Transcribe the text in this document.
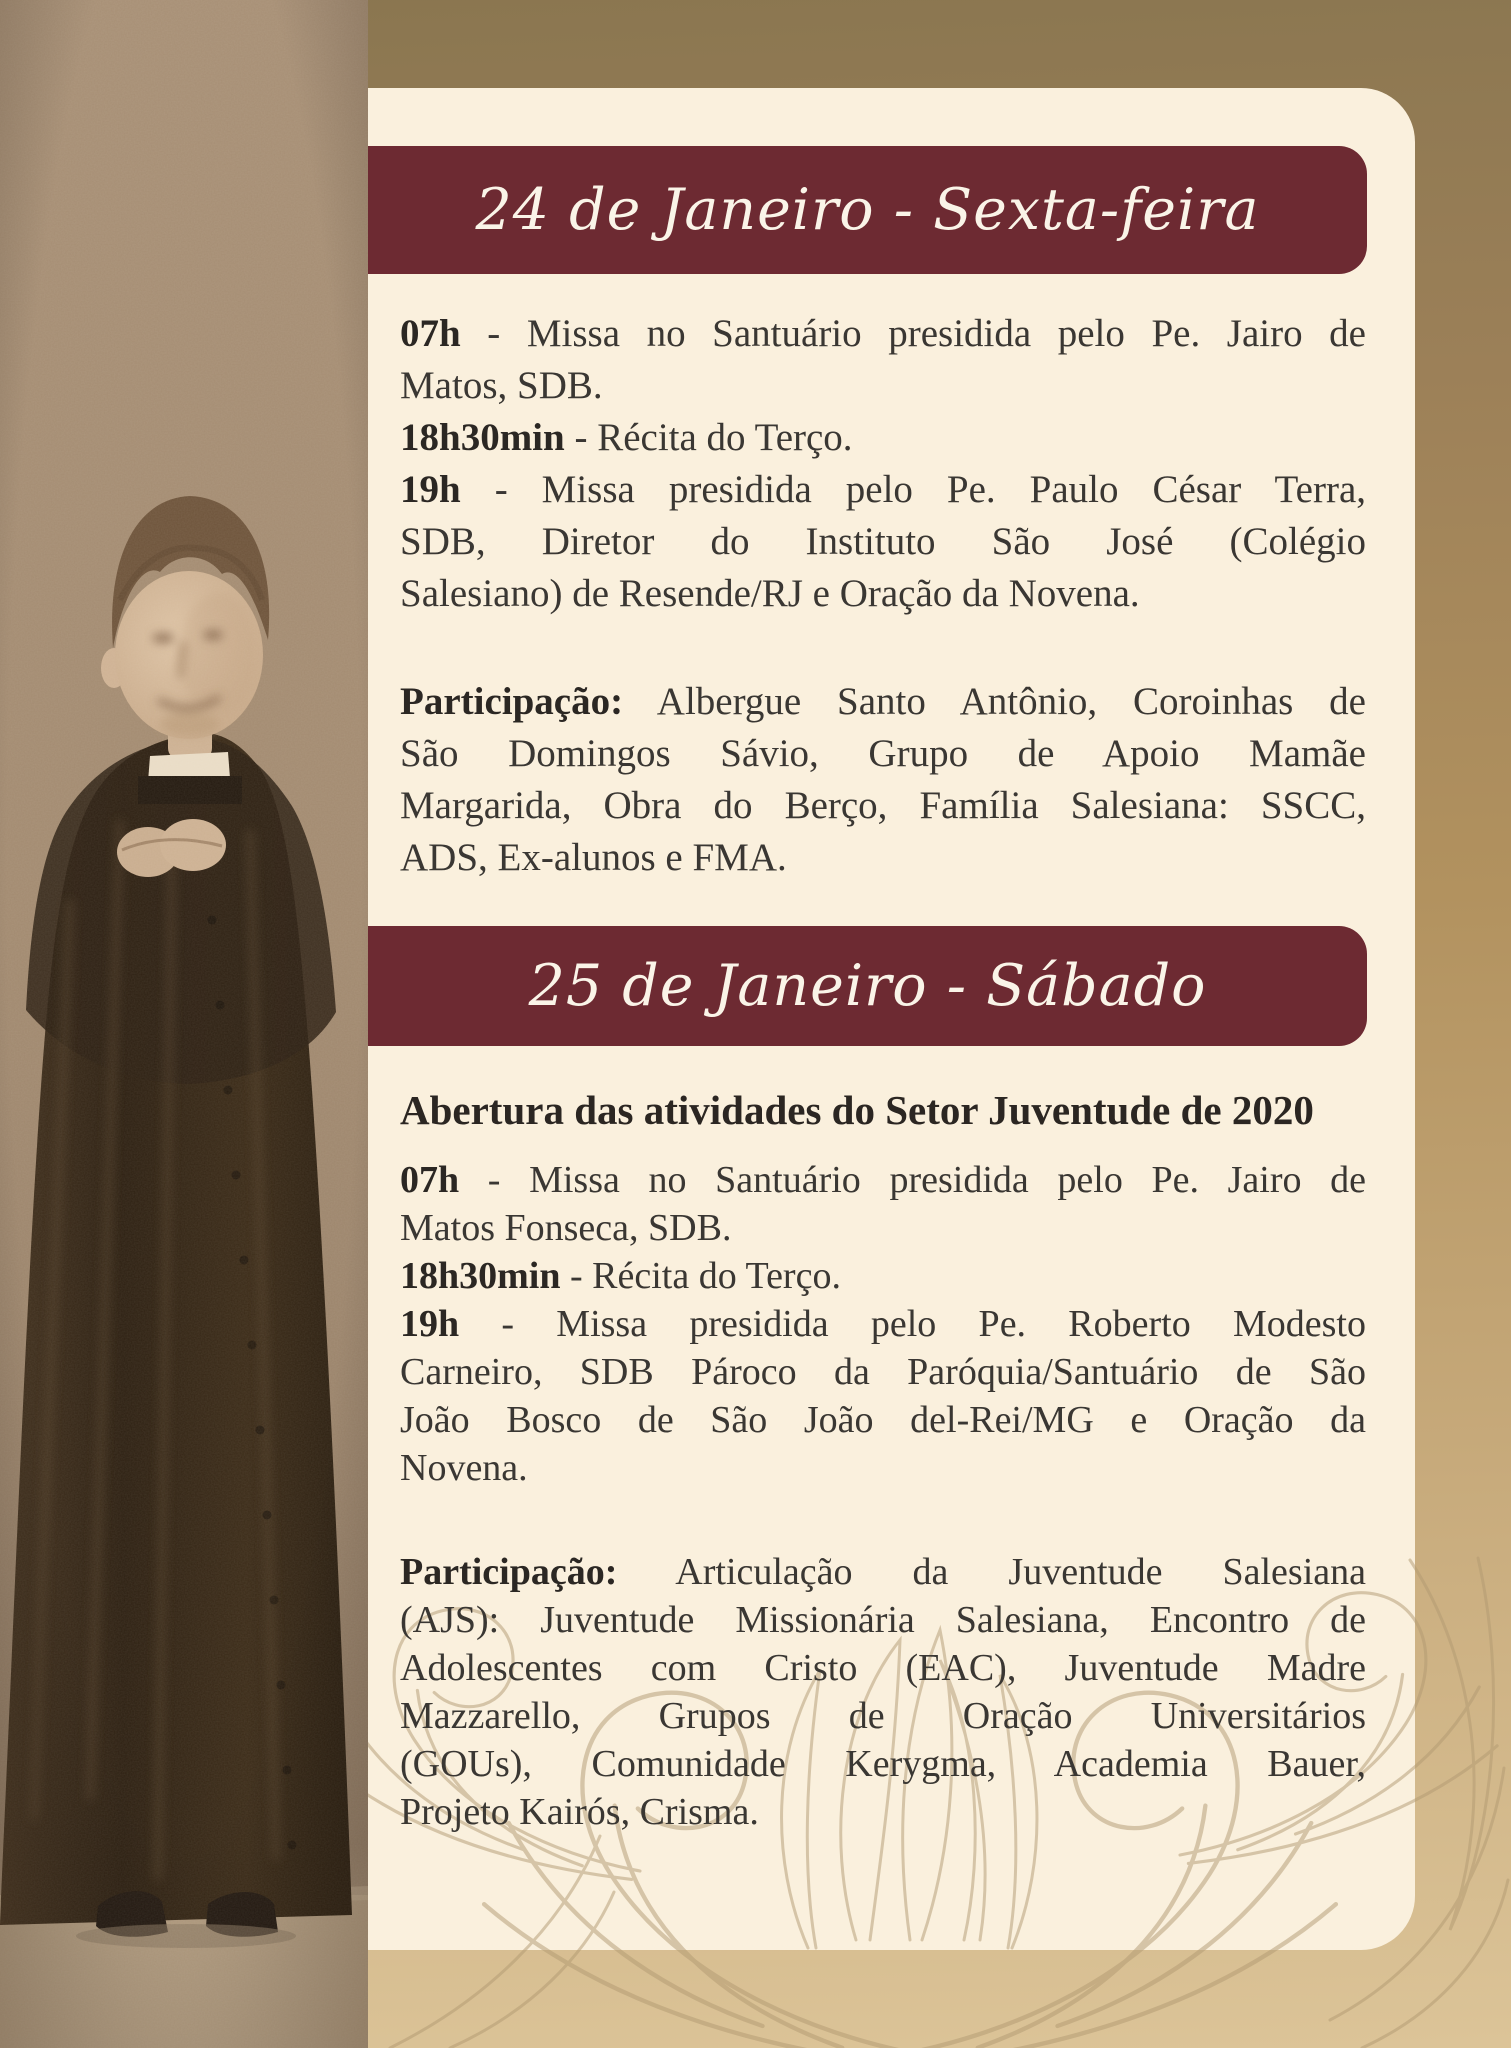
24 de Janeiro - Sexta-feira
07h - Missa no Santuário presidida pelo Pe. Jairo de
Matos, SDB.
18h30min - Récita do Terço.
19h - Missa presidida pelo Pe. Paulo César Terra,
SDB, Diretor do Instituto São José (Colégio
Salesiano) de Resende/RJ e Oração da Novena.
Participação: Albergue Santo Antônio, Coroinhas de
São Domingos Sávio, Grupo de Apoio Mamãe
Margarida, Obra do Berço, Família Salesiana: SSCC,
ADS, Ex-alunos e FMA.
25 de Janeiro - Sábado
Abertura das atividades do Setor Juventude de 2020
07h - Missa no Santuário presidida pelo Pe. Jairo de
Matos Fonseca, SDB.
18h30min - Récita do Terço.
19h - Missa presidida pelo Pe. Roberto Modesto
Carneiro, SDB Pároco da Paróquia/Santuário de São
João Bosco de São João del-Rei/MG e Oração da
Novena.
Participação: Articulação da Juventude Salesiana
(AJS): Juventude Missionária Salesiana, Encontro de
Adolescentes com Cristo (EAC), Juventude Madre
Mazzarello, Grupos de Oração Universitários
(GOUs), Comunidade Kerygma, Academia Bauer,
Projeto Kairós, Crisma.
